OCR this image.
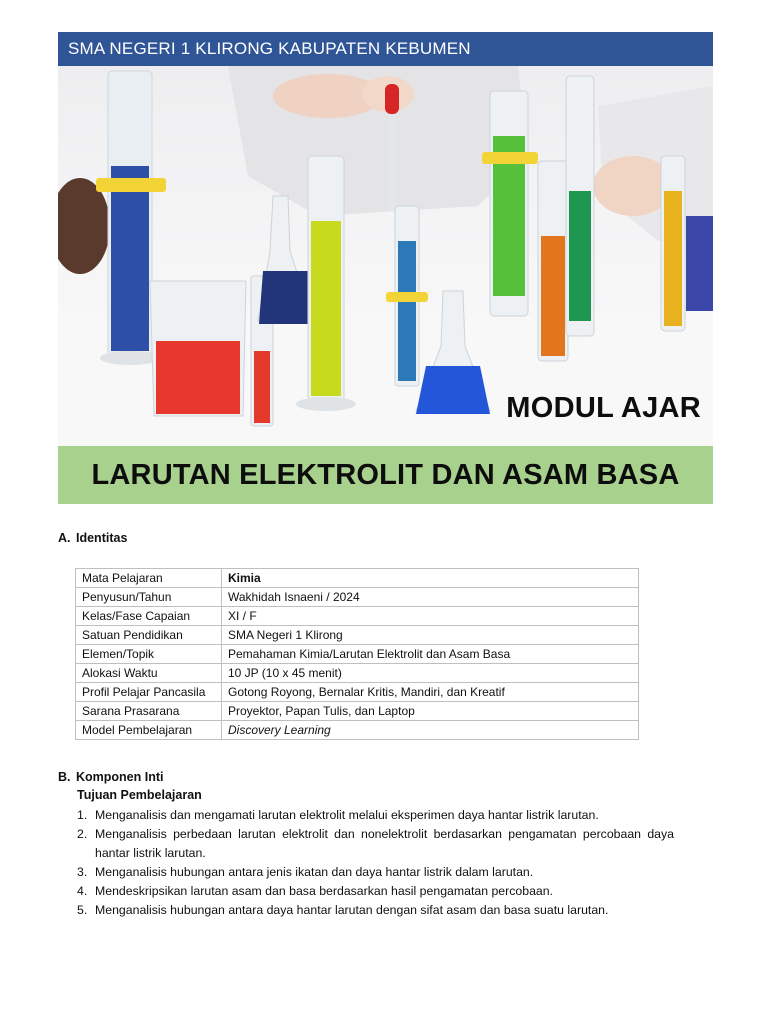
SMA NEGERI 1 KLIRONG KABUPATEN KEBUMEN
MODUL AJAR
LARUTAN ELEKTROLIT DAN ASAM BASA
A. Identitas
Mata Pelajaran	Kimia
Penyusun/Tahun	Wakhidah Isnaeni / 2024
Kelas/Fase Capaian	XI / F
Satuan Pendidikan	SMA Negeri 1 Klirong
Elemen/Topik	Pemahaman Kimia/Larutan Elektrolit dan Asam Basa
Alokasi Waktu	10 JP (10 x 45 menit)
Profil Pelajar Pancasila	Gotong Royong, Bernalar Kritis, Mandiri, dan Kreatif
Sarana Prasarana	Proyektor, Papan Tulis, dan Laptop
Model Pembelajaran	Discovery Learning
B. Komponen Inti
Tujuan Pembelajaran
1. Menganalisis dan mengamati larutan elektrolit melalui eksperimen daya hantar listrik larutan.
2. Menganalisis perbedaan larutan elektrolit dan nonelektrolit berdasarkan pengamatan percobaan daya hantar listrik larutan.
3. Menganalisis hubungan antara jenis ikatan dan daya hantar listrik dalam larutan.
4. Mendeskripsikan larutan asam dan basa berdasarkan hasil pengamatan percobaan.
5. Menganalisis hubungan antara daya hantar larutan dengan sifat asam dan basa suatu larutan.
